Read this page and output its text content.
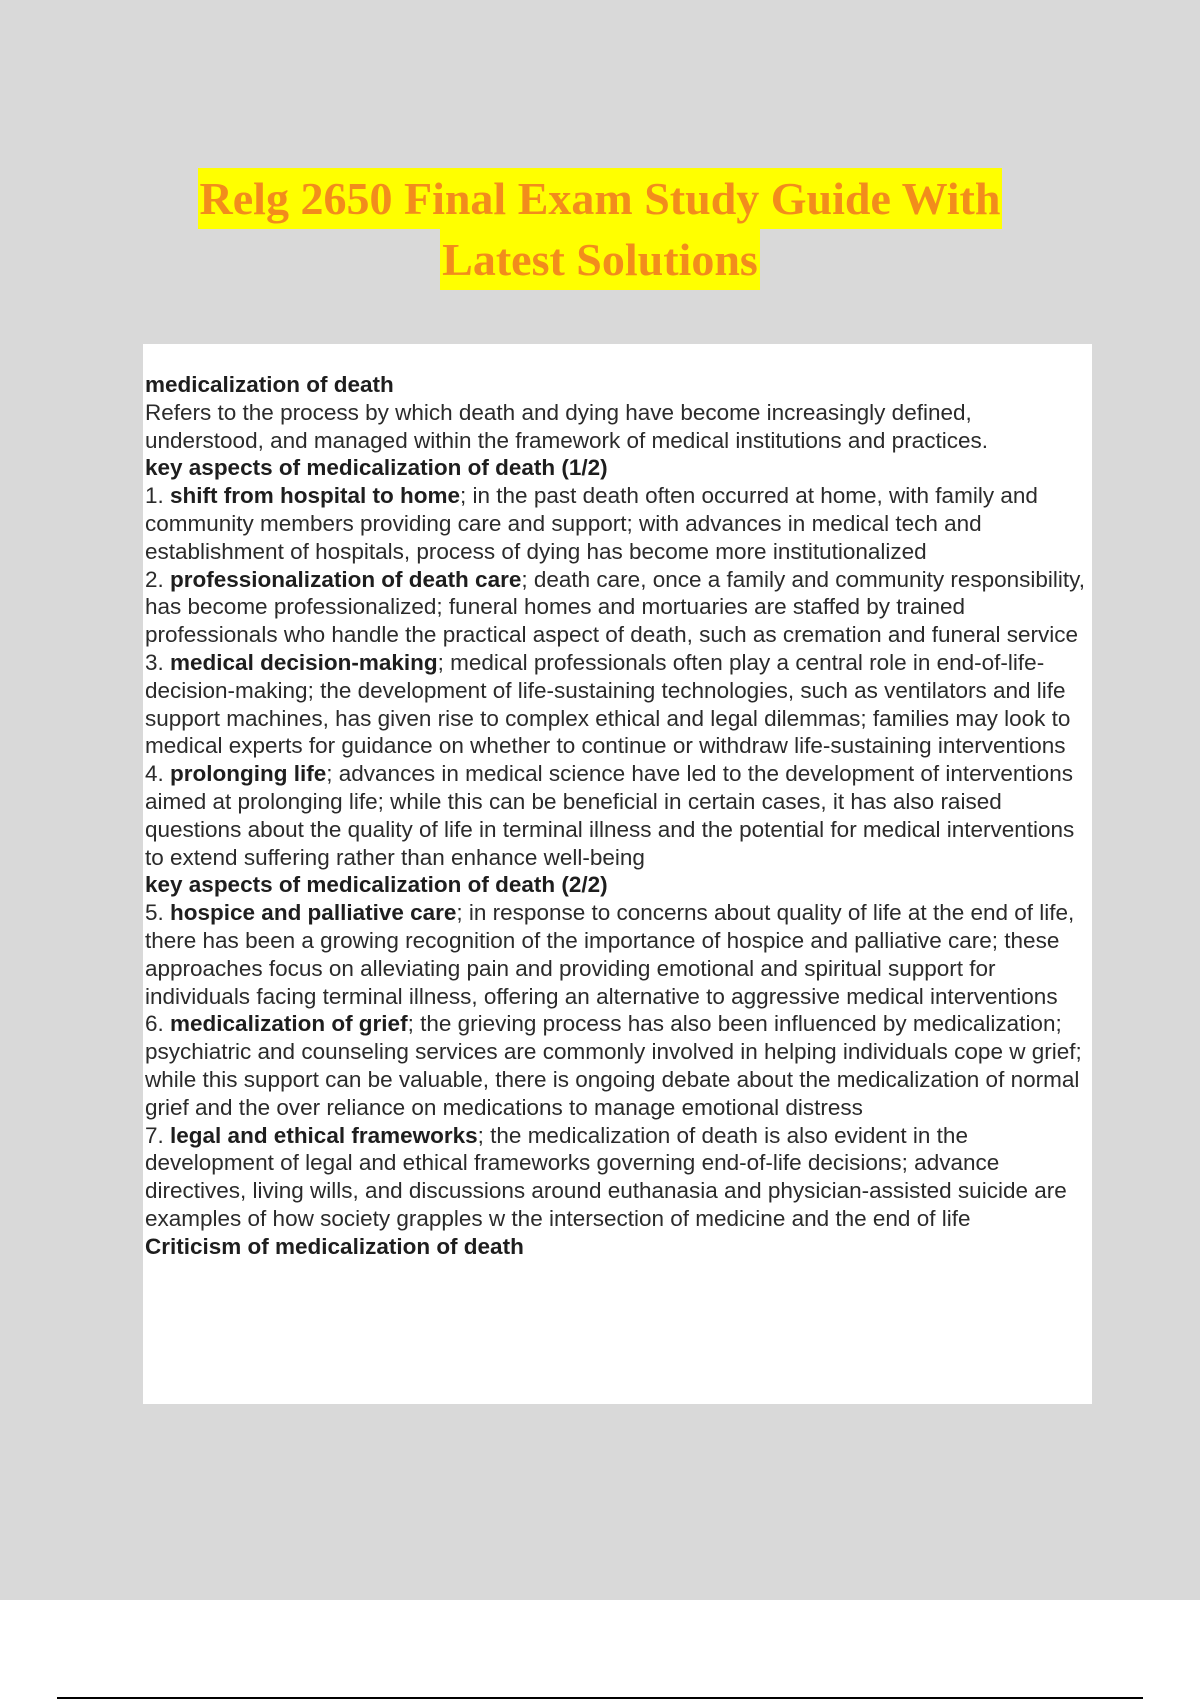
Relg 2650 Final Exam Study Guide With
Latest Solutions

medicalization of death

Refers to the process by which death and dying have become increasingly defined, understood, and managed within the framework of medical institutions and practices.

key aspects of medicalization of death (1/2)

1. shift from hospital to home; in the past death often occurred at home, with family and community members providing care and support; with advances in medical tech and establishment of hospitals, process of dying has become more institutionalized

2. professionalization of death care; death care, once a family and community responsibility, has become professionalized; funeral homes and mortuaries are staffed by trained professionals who handle the practical aspect of death, such as cremation and funeral service

3. medical decision-making; medical professionals often play a central role in end-of-life-decision-making; the development of life-sustaining technologies, such as ventilators and life support machines, has given rise to complex ethical and legal dilemmas; families may look to medical experts for guidance on whether to continue or withdraw life-sustaining interventions

4. prolonging life; advances in medical science have led to the development of interventions aimed at prolonging life; while this can be beneficial in certain cases, it has also raised questions about the quality of life in terminal illness and the potential for medical interventions to extend suffering rather than enhance well-being

key aspects of medicalization of death (2/2)

5. hospice and palliative care; in response to concerns about quality of life at the end of life, there has been a growing recognition of the importance of hospice and palliative care; these approaches focus on alleviating pain and providing emotional and spiritual support for individuals facing terminal illness, offering an alternative to aggressive medical interventions

6. medicalization of grief; the grieving process has also been influenced by medicalization; psychiatric and counseling services are commonly involved in helping individuals cope w grief; while this support can be valuable, there is ongoing debate about the medicalization of normal grief and the over reliance on medications to manage emotional distress

7. legal and ethical frameworks; the medicalization of death is also evident in the development of legal and ethical frameworks governing end-of-life decisions; advance directives, living wills, and discussions around euthanasia and physician-assisted suicide are examples of how society grapples w the intersection of medicine and the end of life

Criticism of medicalization of death
